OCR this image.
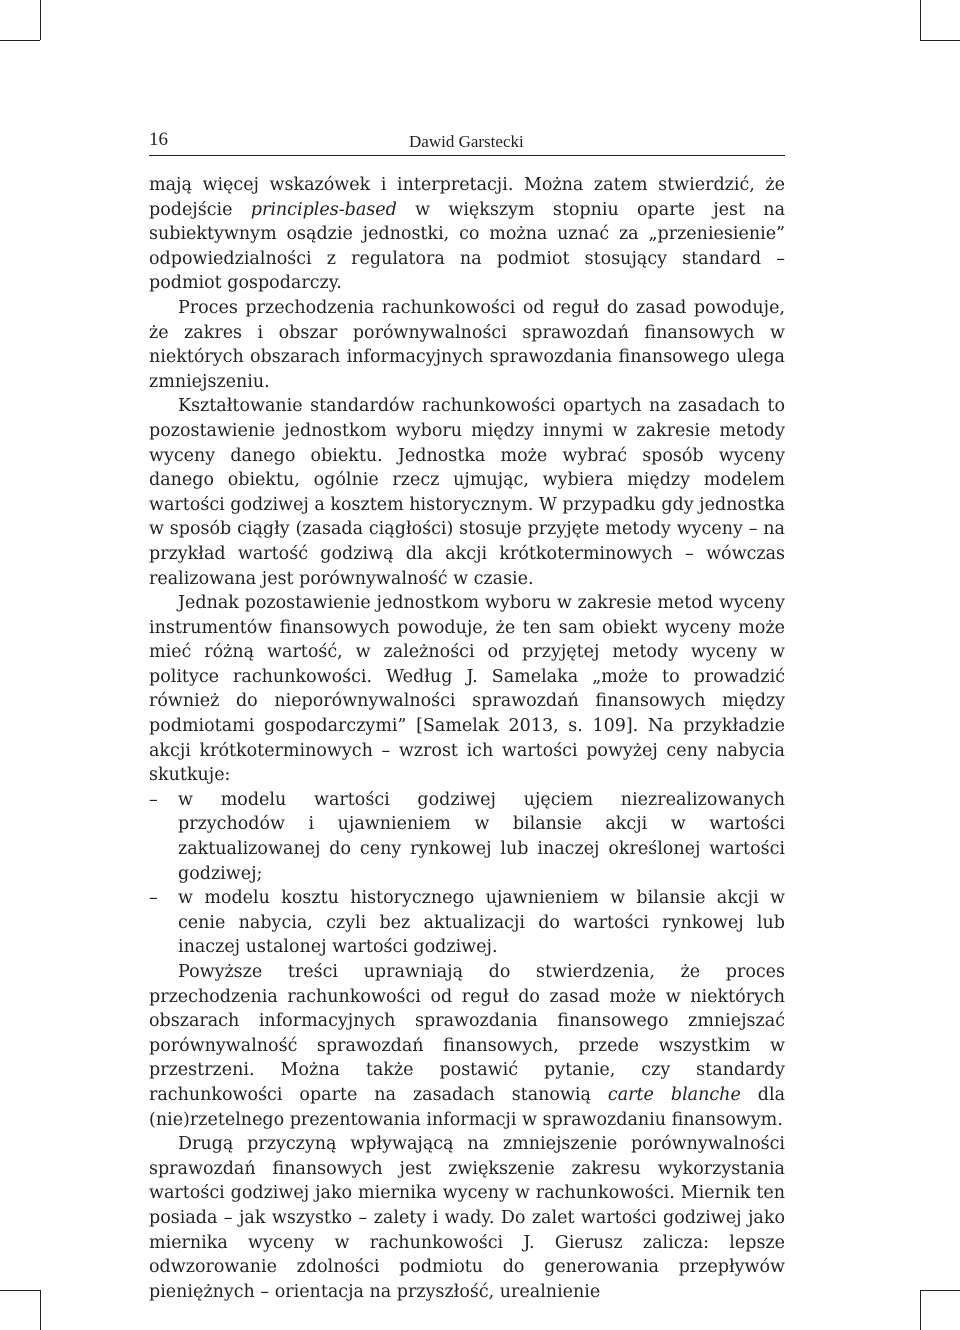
16	Dawid Garstecki

mają więcej wskazówek i interpretacji. Można zatem stwierdzić, że podejście principles-based w większym stopniu oparte jest na subiektywnym osądzie jednostki, co można uznać za „przeniesienie” odpowiedzialności z regulatora na podmiot stosujący standard – podmiot gospodarczy.

Proces przechodzenia rachunkowości od reguł do zasad powoduje, że zakres i obszar porównywalności sprawozdań finansowych w niektórych obszarach informacyjnych sprawozdania finansowego ulega zmniejszeniu.

Kształtowanie standardów rachunkowości opartych na zasadach to pozostawienie jednostkom wyboru między innymi w zakresie metody wyceny danego obiektu. Jednostka może wybrać sposób wyceny danego obiektu, ogólnie rzecz ujmując, wybiera między modelem wartości godziwej a kosztem historycznym. W przypadku gdy jednostka w sposób ciągły (zasada ciągłości) stosuje przyjęte metody wyceny – na przykład wartość godziwą dla akcji krótkoterminowych – wówczas realizowana jest porównywalność w czasie.

Jednak pozostawienie jednostkom wyboru w zakresie metod wyceny instrumentów finansowych powoduje, że ten sam obiekt wyceny może mieć różną wartość, w zależności od przyjętej metody wyceny w polityce rachunkowości. Według J. Samelaka „może to prowadzić również do nieporównywalności sprawozdań finansowych między podmiotami gospodarczymi” [Samelak 2013, s. 109]. Na przykładzie akcji krótkoterminowych – wzrost ich wartości powyżej ceny nabycia skutkuje:

– w modelu wartości godziwej ujęciem niezrealizowanych przychodów i ujawnieniem w bilansie akcji w wartości zaktualizowanej do ceny rynkowej lub inaczej określonej wartości godziwej;
– w modelu kosztu historycznego ujawnieniem w bilansie akcji w cenie nabycia, czyli bez aktualizacji do wartości rynkowej lub inaczej ustalonej wartości godziwej.

Powyższe treści uprawniają do stwierdzenia, że proces przechodzenia rachunkowości od reguł do zasad może w niektórych obszarach informacyjnych sprawozdania finansowego zmniejszać porównywalność sprawozdań finansowych, przede wszystkim w przestrzeni. Można także postawić pytanie, czy standardy rachunkowości oparte na zasadach stanowią carte blanche dla (nie)rzetelnego prezentowania informacji w sprawozdaniu finansowym.

Drugą przyczyną wpływającą na zmniejszenie porównywalności sprawozdań finansowych jest zwiększenie zakresu wykorzystania wartości godziwej jako miernika wyceny w rachunkowości. Miernik ten posiada – jak wszystko – zalety i wady. Do zalet wartości godziwej jako miernika wyceny w rachunkowości J. Gierusz zalicza: lepsze odwzorowanie zdolności podmiotu do generowania przepływów pieniężnych – orientacja na przyszłość, urealnienie
